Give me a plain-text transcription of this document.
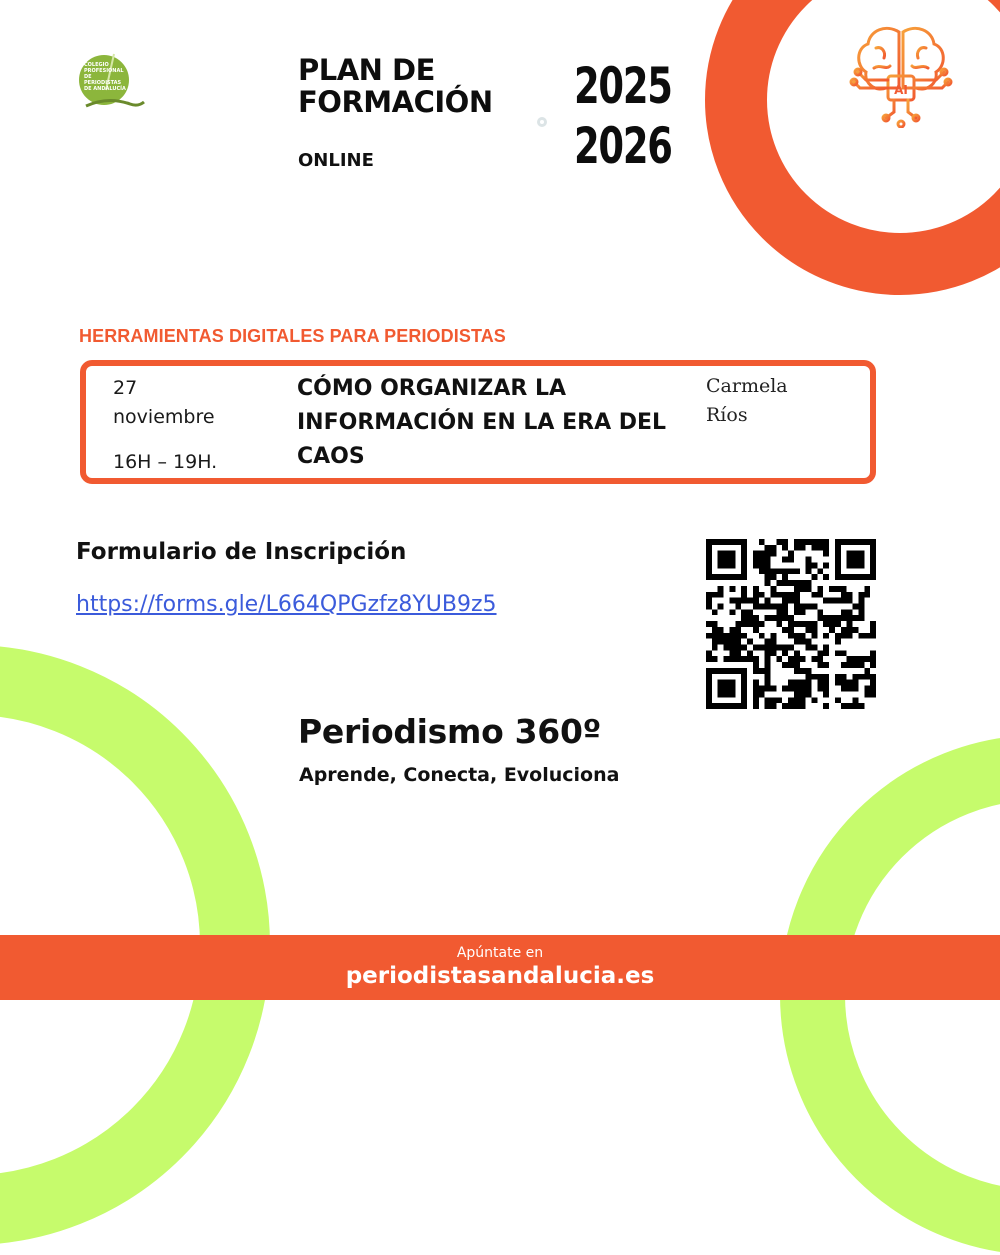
COLEGIO PROFESIONAL DE PERIODISTAS DE ANDALUCÍA
PLAN DE
FORMACIÓN
ONLINE
2025
2026
AI
HERRAMIENTAS DIGITALES PARA PERIODISTAS
27
noviembre
16H – 19H.
CÓMO ORGANIZAR LA INFORMACIÓN EN LA ERA DEL CAOS
Carmela
Ríos
Formulario de Inscripción
https://forms.gle/L664QPGzfz8YUB9z5
Periodismo 360º
Aprende, Conecta, Evoluciona
Apúntate en
periodistasandalucia.es
